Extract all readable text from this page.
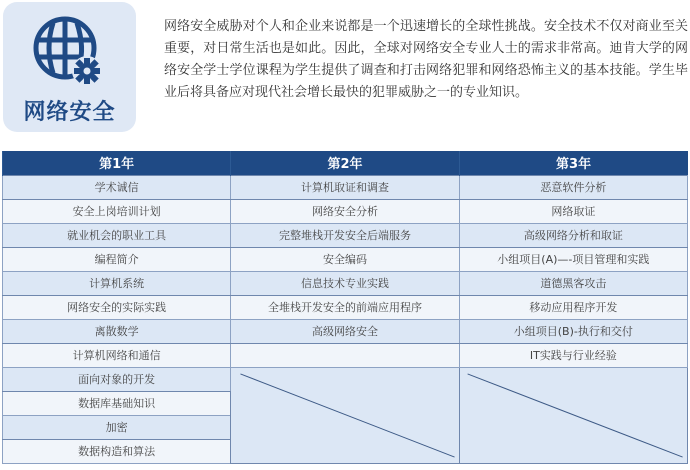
网络安全

网络安全威胁对个人和企业来说都是一个迅速增长的全球性挑战。安全技术不仅对商业至关重要，对日常生活也是如此。因此，全球对网络安全专业人士的需求非常高。迪肯大学的网络安全学士学位课程为学生提供了调查和打击网络犯罪和网络恐怖主义的基本技能。学生毕业后将具备应对现代社会增长最快的犯罪威胁之一的专业知识。

第1年	第2年	第3年
学术诚信	计算机取证和调查	恶意软件分析
安全上岗培训计划	网络安全分析	网络取证
就业机会的职业工具	完整堆栈开发安全后端服务	高级网络分析和取证
编程简介	安全编码	小组项目(A)—-项目管理和实践
计算机系统	信息技术专业实践	道德黑客攻击
网络安全的实际实践	全堆栈开发安全的前端应用程序	移动应用程序开发
离散数学	高级网络安全	小组项目(B)-执行和交付
计算机网络和通信		IT实践与行业经验
面向对象的开发	

数据库基础知识		
加密		
数据构造和算法		
